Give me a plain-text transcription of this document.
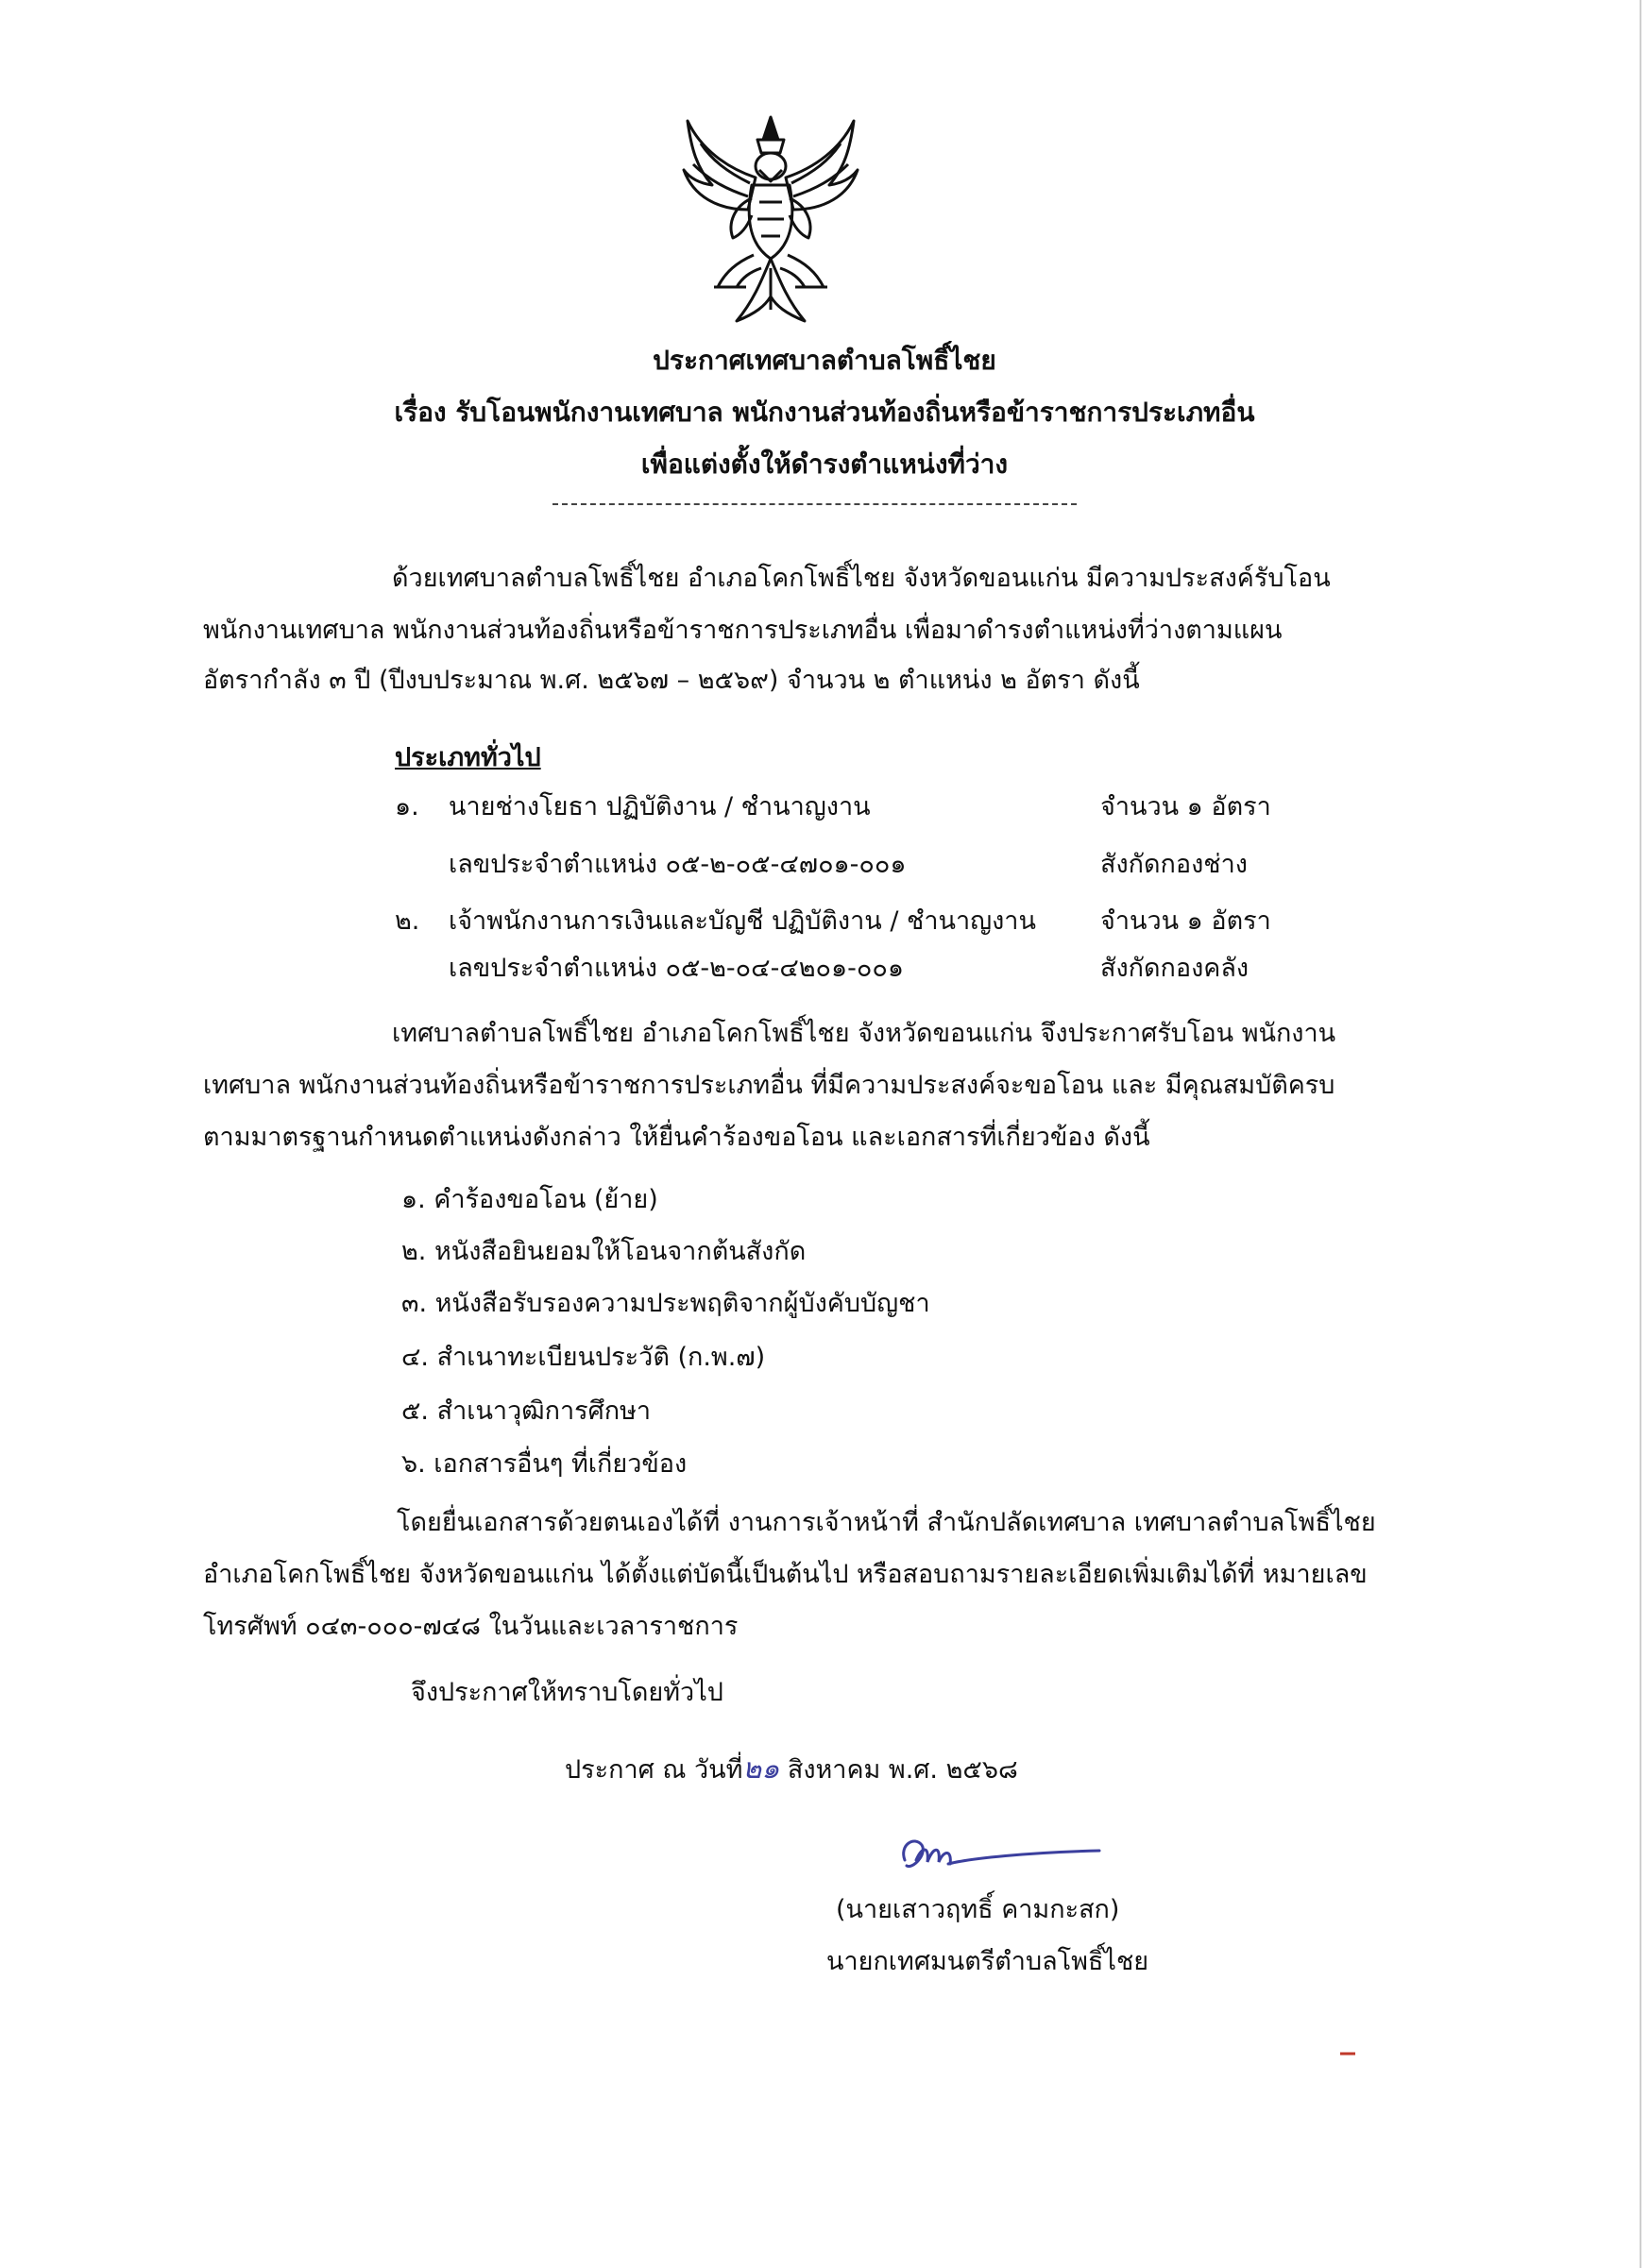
ประกาศเทศบาลตำบลโพธิ์ไชย
เรื่อง รับโอนพนักงานเทศบาล พนักงานส่วนท้องถิ่นหรือข้าราชการประเภทอื่น
เพื่อแต่งตั้งให้ดำรงตำแหน่งที่ว่าง
ด้วยเทศบาลตำบลโพธิ์ไชย อำเภอโคกโพธิ์ไชย จังหวัดขอนแก่น มีความประสงค์รับโอน
พนักงานเทศบาล พนักงานส่วนท้องถิ่นหรือข้าราชการประเภทอื่น เพื่อมาดำรงตำแหน่งที่ว่างตามแผน
อัตรากำลัง ๓ ปี (ปีงบประมาณ พ.ศ. ๒๕๖๗ – ๒๕๖๙) จำนวน ๒ ตำแหน่ง ๒ อัตรา ดังนี้
ประเภททั่วไป
๑. นายช่างโยธา ปฏิบัติงาน / ชำนาญงาน	จำนวน ๑ อัตรา
เลขประจำตำแหน่ง ๐๕-๒-๐๕-๔๗๐๑-๐๐๑	สังกัดกองช่าง
๒. เจ้าพนักงานการเงินและบัญชี ปฏิบัติงาน / ชำนาญงาน	จำนวน ๑ อัตรา
เลขประจำตำแหน่ง ๐๕-๒-๐๔-๔๒๐๑-๐๐๑	สังกัดกองคลัง
เทศบาลตำบลโพธิ์ไชย อำเภอโคกโพธิ์ไชย จังหวัดขอนแก่น จึงประกาศรับโอน พนักงาน
เทศบาล พนักงานส่วนท้องถิ่นหรือข้าราชการประเภทอื่น ที่มีความประสงค์จะขอโอน และ มีคุณสมบัติครบ
ตามมาตรฐานกำหนดตำแหน่งดังกล่าว ให้ยื่นคำร้องขอโอน และเอกสารที่เกี่ยวข้อง ดังนี้
๑. คำร้องขอโอน (ย้าย)
๒. หนังสือยินยอมให้โอนจากต้นสังกัด
๓. หนังสือรับรองความประพฤติจากผู้บังคับบัญชา
๔. สำเนาทะเบียนประวัติ (ก.พ.๗)
๕. สำเนาวุฒิการศึกษา
๖. เอกสารอื่นๆ ที่เกี่ยวข้อง
โดยยื่นเอกสารด้วยตนเองได้ที่ งานการเจ้าหน้าที่ สำนักปลัดเทศบาล เทศบาลตำบลโพธิ์ไชย
อำเภอโคกโพธิ์ไชย จังหวัดขอนแก่น ได้ตั้งแต่บัดนี้เป็นต้นไป หรือสอบถามรายละเอียดเพิ่มเติมได้ที่ หมายเลข
โทรศัพท์ ๐๔๓-๐๐๐-๗๔๘ ในวันและเวลาราชการ
จึงประกาศให้ทราบโดยทั่วไป
ประกาศ ณ วันที่๒๑ สิงหาคม พ.ศ. ๒๕๖๘
(นายเสาวฤทธิ์ คามกะสก)
นายกเทศมนตรีตำบลโพธิ์ไชย
